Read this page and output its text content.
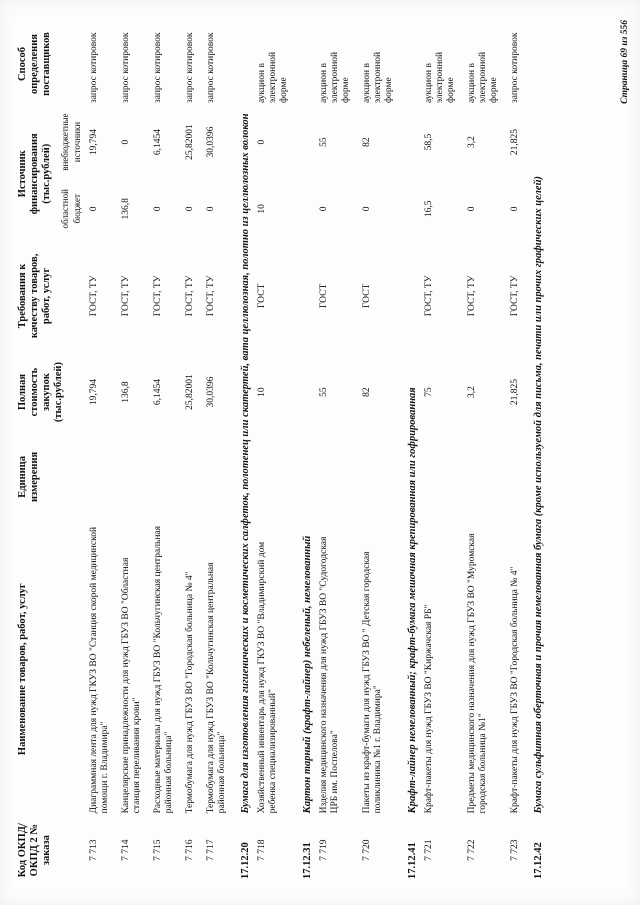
Код ОКПД/ ОКПД 2 № заказа	Наименование товаров, работ, услуг	Единица измерения	Полная стоимость закупок (тыс.рублей)	Требования к качеству товаров, работ, услуг	Источник финансирования (тыс.рублей)		Способ определения поставщиков
					областной бюджет	внебюджетные источники	
7 713	Диаграммная лента для нужд ГКУЗ ВО "Станция скорой медицинской помощи г. Владимира"		19,794	ГОСТ, ТУ	0	19,794	запрос котировок
7 714	Канцелярские принадлежности для нужд ГБУЗ ВО "Областная станция переливания крови"		136,8	ГОСТ, ТУ	136,8	0	запрос котировок
7 715	Расходные материалы для нужд ГБУЗ ВО "Кольчугинская центральная районная больница"		6,1454	ГОСТ, ТУ	0	6,1454	запрос котировок
7 716	Термобумага для нужд ГБУЗ ВО "Городская больница № 4"		25,82001	ГОСТ, ТУ	0	25,82001	запрос котировок
7 717	Термобумага для нужд ГБУЗ ВО "Кольчугинская центральная районная больница"		30,0396	ГОСТ, ТУ	0	30,0396	запрос котировок
17.12.20	Бумага для изготовления гигиенических и косметических салфеток, полотенец или скатертей, вата целлюлозная, полотно из целлюлозных волокон						
7 718	Хозяйственный инвентарь для нужд ГКУЗ ВО "Владимирский дом ребенка специализированный"		10	ГОСТ	10	0	аукцион в электронной форме
17.12.31	Картон тарный (крафт-лайнер) небеленый, немелованный						
7 719	Изделия медицинского назначения для нужд ГБУЗ ВО "Судогодская ЦРБ им. Поспелова"		55	ГОСТ	0	55	аукцион в электронной форме
7 720	Пакеты из крафт-бумаги для нужд ГБУЗ ВО " Детская городская поликлиника №1 г. Владимира"		82	ГОСТ	0	82	аукцион в электронной форме
17.12.41	Крафт-лайнер немелованный; крафт-бумага мешочная крепированная или гофрированная						
7 721	Крафт-пакеты для нужд ГБУЗ ВО "Киржачская РБ"		75	ГОСТ, ТУ	16,5	58,5	аукцион в электронной форме
7 722	Предметы медицинского назначения для нужд ГБУЗ ВО "Муромская городская больница №1"		3,2	ГОСТ, ТУ	0	3,2	аукцион в электронной форме
7 723	Крафт-пакеты для нужд ГБУЗ ВО "Городская больница № 4"		21,825	ГОСТ, ТУ	0	21,825	запрос котировок
17.12.42	Бумага сульфитная оберточная и прочая немелованная бумага (кроме используемой для письма, печати или прочих графических целей)						
Страница 69 из 556
